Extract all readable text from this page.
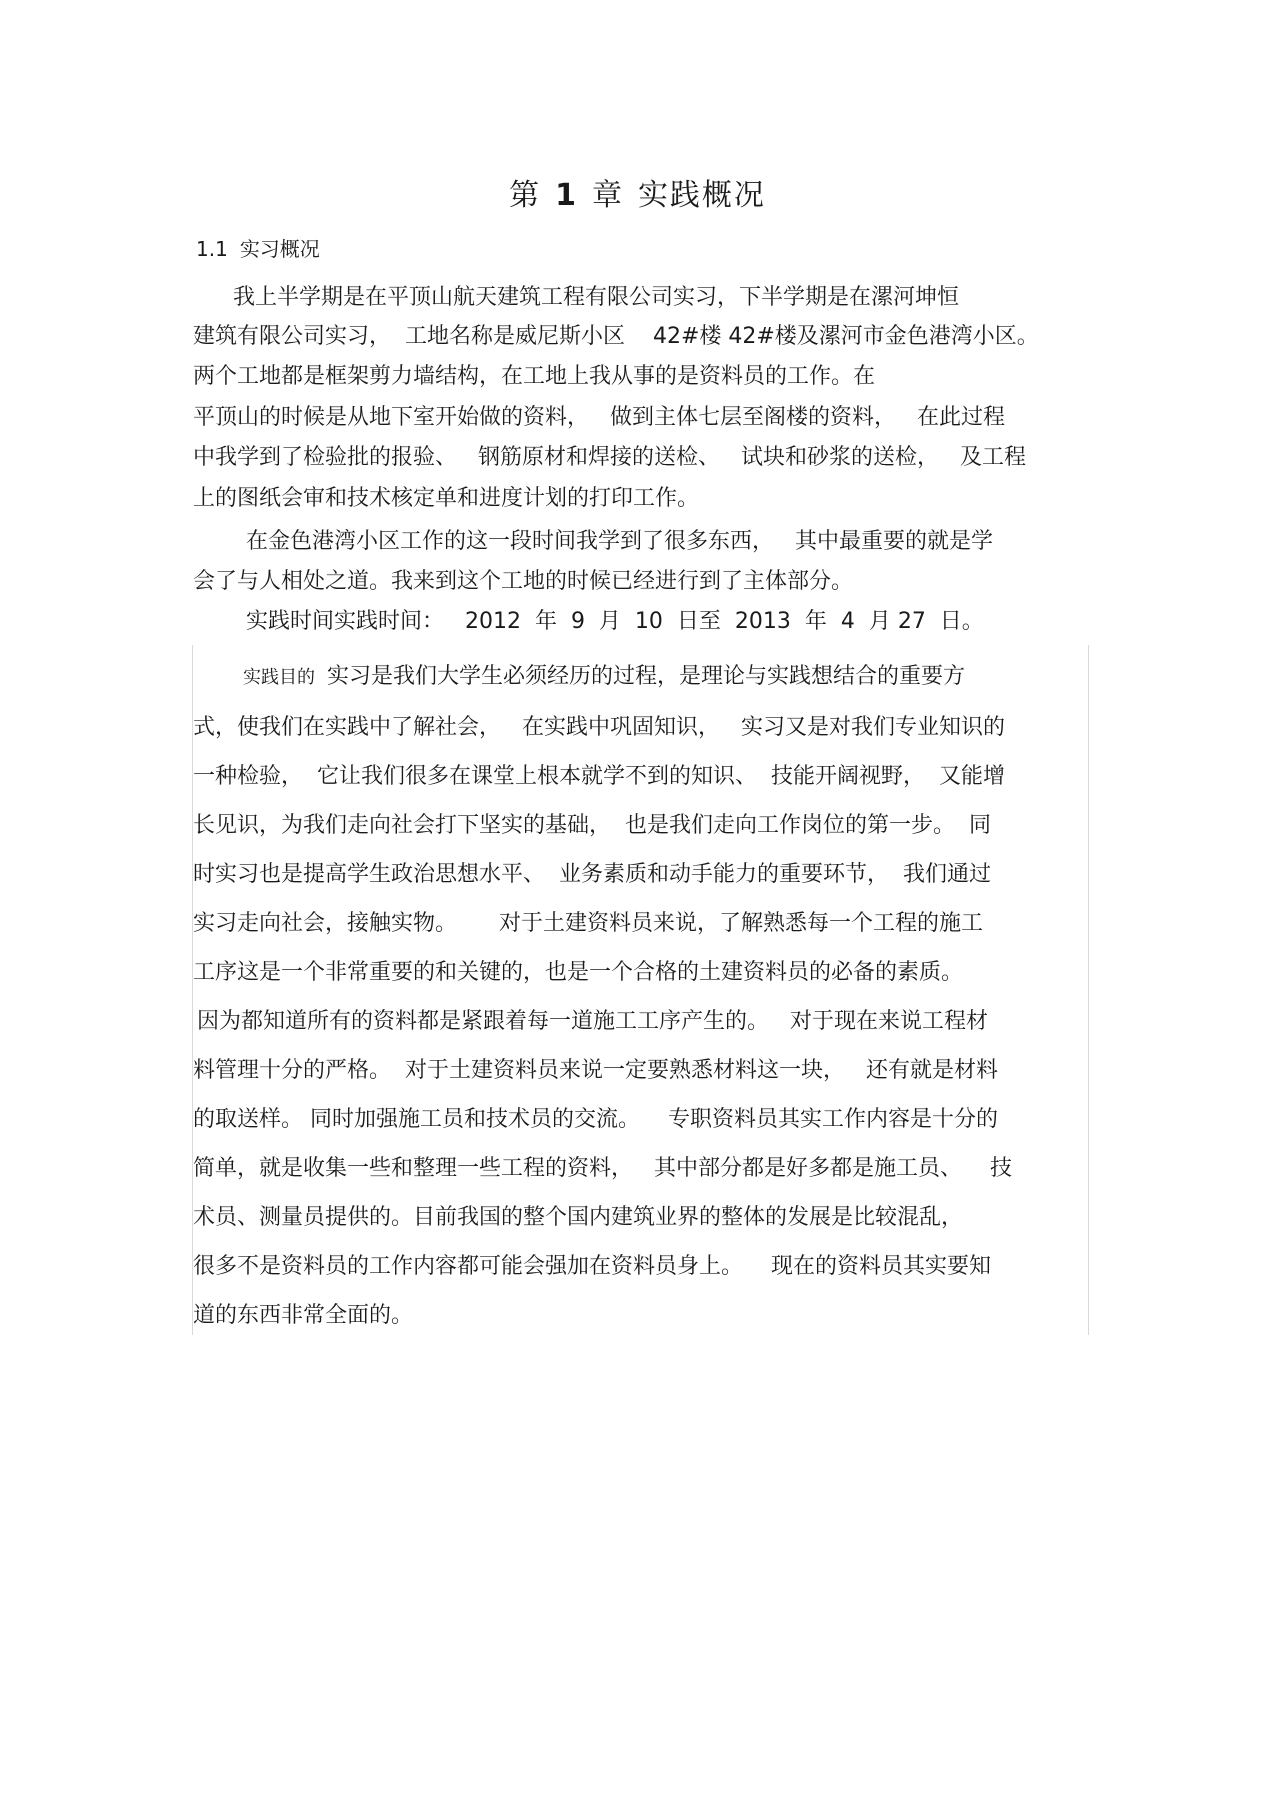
第 1 章 实践概况
1.1 实习概况
我上半学期是在平顶山航天建筑工程有限公司实习，下半学期是在漯河坤恒
建筑有限公司实习，  工地名称是威尼斯小区    42#楼 42#楼及漯河市金色港湾小区。
两个工地都是框架剪力墙结构，在工地上我从事的是资料员的工作。在
平顶山的时候是从地下室开始做的资料，   做到主体七层至阁楼的资料，   在此过程
中我学到了检验批的报验、   钢筋原材和焊接的送检、   试块和砂浆的送检，   及工程
上的图纸会审和技术核定单和进度计划的打印工作。
在金色港湾小区工作的这一段时间我学到了很多东西，   其中最重要的就是学
会了与人相处之道。我来到这个工地的时候已经进行到了主体部分。
实践时间实践时间：   2012  年  9  月  10  日至  2013  年  4  月 27  日。
实践目的 实习是我们大学生必须经历的过程，是理论与实践想结合的重要方
式，使我们在实践中了解社会，   在实践中巩固知识，   实习又是对我们专业知识的
一种检验，  它让我们很多在课堂上根本就学不到的知识、  技能开阔视野，  又能增
长见识，为我们走向社会打下坚实的基础，  也是我们走向工作岗位的第一步。  同
时实习也是提高学生政治思想水平、  业务素质和动手能力的重要环节，  我们通过
实习走向社会，接触实物。      对于土建资料员来说，了解熟悉每一个工程的施工
工序这是一个非常重要的和关键的，也是一个合格的土建资料员的必备的素质。
因为都知道所有的资料都是紧跟着每一道施工工序产生的。   对于现在来说工程材
料管理十分的严格。  对于土建资料员来说一定要熟悉材料这一块，   还有就是材料
的取送样。 同时加强施工员和技术员的交流。    专职资料员其实工作内容是十分的
简单，就是收集一些和整理一些工程的资料，   其中部分都是好多都是施工员、    技
术员、测量员提供的。目前我国的整个国内建筑业界的整体的发展是比较混乱，
很多不是资料员的工作内容都可能会强加在资料员身上。    现在的资料员其实要知
道的东西非常全面的。
